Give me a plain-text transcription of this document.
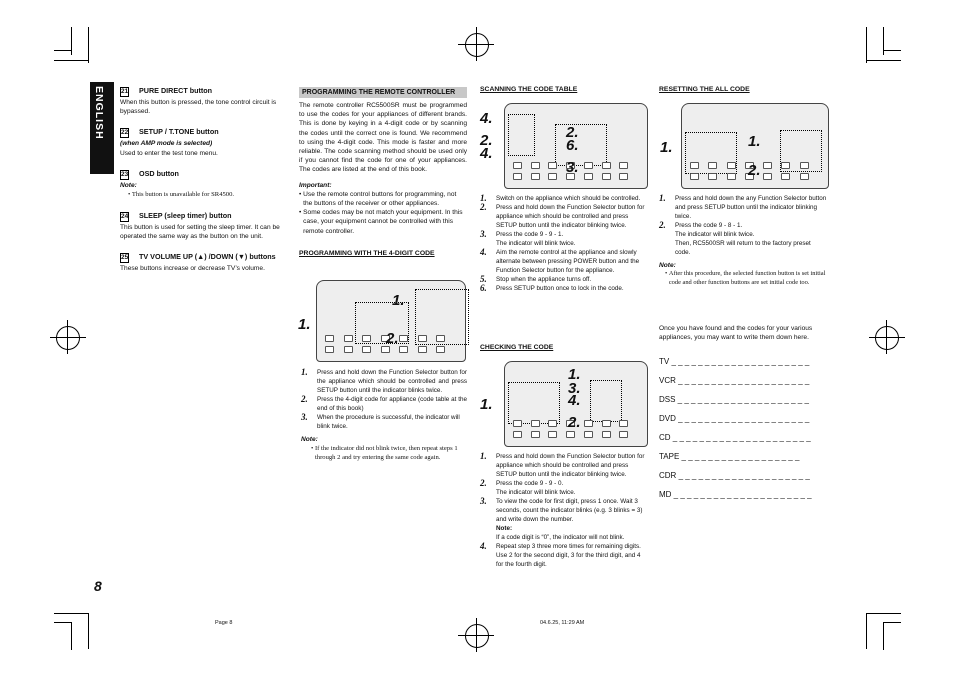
ENGLISH
8
21 PURE DIRECT button
When this button is pressed, the tone control circuit is bypassed.
22 SETUP / T.TONE button
(when AMP mode is selected)
Used to enter the test tone menu.
23 OSD button
Note:
• This button is unavailable for SR4500.
24 SLEEP (sleep timer) button
This button is used for setting the sleep timer. It can be operated the same way as the button on the unit.
25 TV VOLUME UP (▲) /DOWN (▼) buttons
These buttons increase or decrease TV’s volume.
PROGRAMMING THE REMOTE CONTROLLER
The remote controller RC5500SR must be programmed to use the codes for your appliances of different brands. This is done by keying in a 4-digit code or by scanning the codes until the correct one is found. We recommend to using the 4-digit code. This mode is faster and more reliable. The code scanning method should be used only if you cannot find the code for one of your appliances. The codes are listed at the end of this book.
Important:
• Use the remote control buttons for programming, not the buttons of the receiver or other appliances.
• Some codes may be not match your equipment. In this case, your equipment cannot be controlled with this remote controller.
PROGRAMMING WITH THE 4-DIGIT CODE
1.
1.
2.
1.	Press and hold down the Function Selector button for the appliance which should be controlled and press SETUP button until the indicator blinks twice.
2.	Press the 4-digit code for appliance (code table at the end of this book)
3.	When the procedure is successful, the indicator will blink twice.
Note:
• If the indicator did not blink twice, then repeat steps 1 through 2 and try entering the same code again.
SCANNING THE CODE TABLE
4.
2.
4.
2.
6.
3.
1.	Switch on the appliance which should be controlled.
2.	Press and hold down the Function Selector button for appliance which should be controlled and press SETUP button until the indicator blinking twice.
3.	Press the code 9 - 9 - 1.
The indicator will blink twice.
4.	Aim the remote control at the appliance and slowly alternate between pressing POWER button and the Function Selector button for the appliance.
5.	Stop when the appliance turns off.
6.	Press SETUP button once to lock in the code.
CHECKING THE CODE
1.
1.
3.
4.
2.
1.	Press and hold down the Function Selector button for appliance which should be controlled and press SETUP button until the indicator blinking twice.
2.	Press the code 9 - 9 - 0.
The indicator will blink twice.
3.	To view the code for first digit, press 1 once. Wait 3 seconds, count the indicator blinks (e.g. 3 blinks = 3) and write down the number.
Note:
If a code digit is “0”, the indicator will not blink.
4.	Repeat step 3 three more times for remaining digits. Use 2 for the second digit, 3 for the third digit, and 4 for the fourth digit.
RESETTING THE ALL CODE
1.	1.
2.
1.	Press and hold down the any Function Selector button and press SETUP button until the indicator blinking twice.
2.	Press the code 9 - 8 - 1.
The indicator will blink twice.
Then, RC5500SR will return to the factory preset code.
Note:
• After this procedure, the selected function button is set initial code and other function buttons are set initial code too.
Once you have found and the codes for your various appliances, you may want to write them down here.
TV _ _ _ _ _ _ _ _ _ _ _ _ _ _ _ _ _ _ _ _ _
VCR _ _ _ _ _ _ _ _ _ _ _ _ _ _ _ _ _ _ _ _
DSS _ _ _ _ _ _ _ _ _ _ _ _ _ _ _ _ _ _ _ _
DVD _ _ _ _ _ _ _ _ _ _ _ _ _ _ _ _ _ _ _ _
CD _ _ _ _ _ _ _ _ _ _ _ _ _ _ _ _ _ _ _ _ _
TAPE _ _ _ _ _ _ _ _ _ _ _ _ _ _ _ _ _ _
CDR _ _ _ _ _ _ _ _ _ _ _ _ _ _ _ _ _ _ _ _
MD _ _ _ _ _ _ _ _ _ _ _ _ _ _ _ _ _ _ _ _ _
Page 8	04.6.25, 11:29 AM
